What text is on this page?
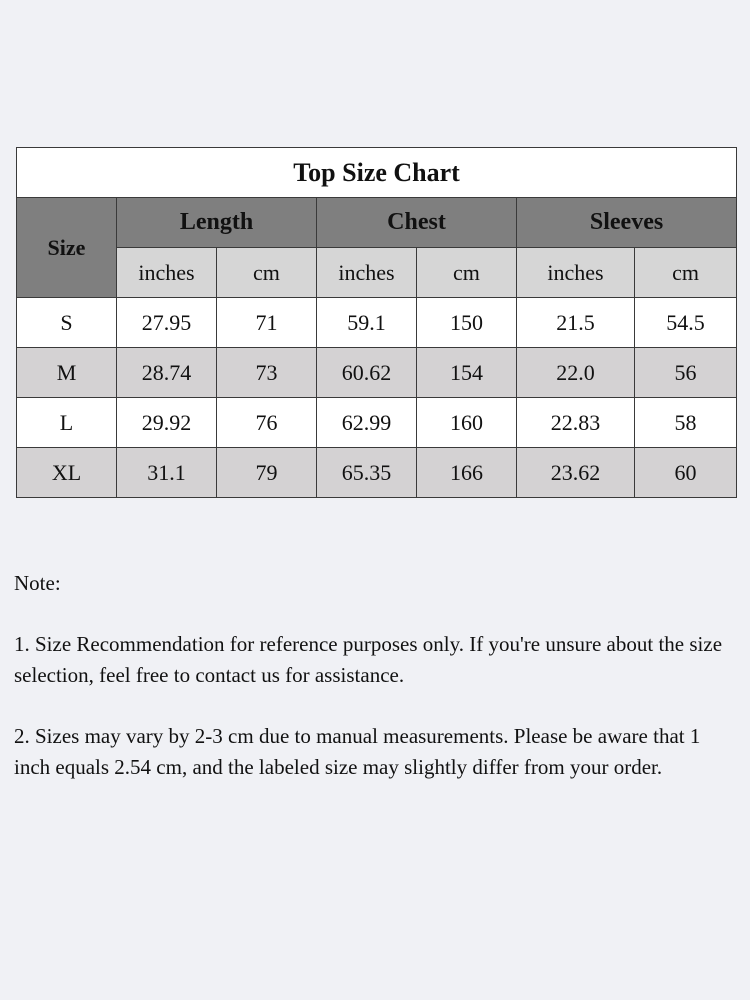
Top Size Chart						
Size	Length		Chest		Sleeves	
	inches	cm	inches	cm	inches	cm
S	27.95	71	59.1	150	21.5	54.5
M	28.74	73	60.62	154	22.0	56
L	29.92	76	62.99	160	22.83	58
XL	31.1	79	65.35	166	23.62	60

Note:

1. Size Recommendation for reference purposes only. If you're unsure about the size selection, feel free to contact us for assistance.

2. Sizes may vary by 2-3 cm due to manual measurements. Please be aware that 1 inch equals 2.54 cm, and the labeled size may slightly differ from your order.
